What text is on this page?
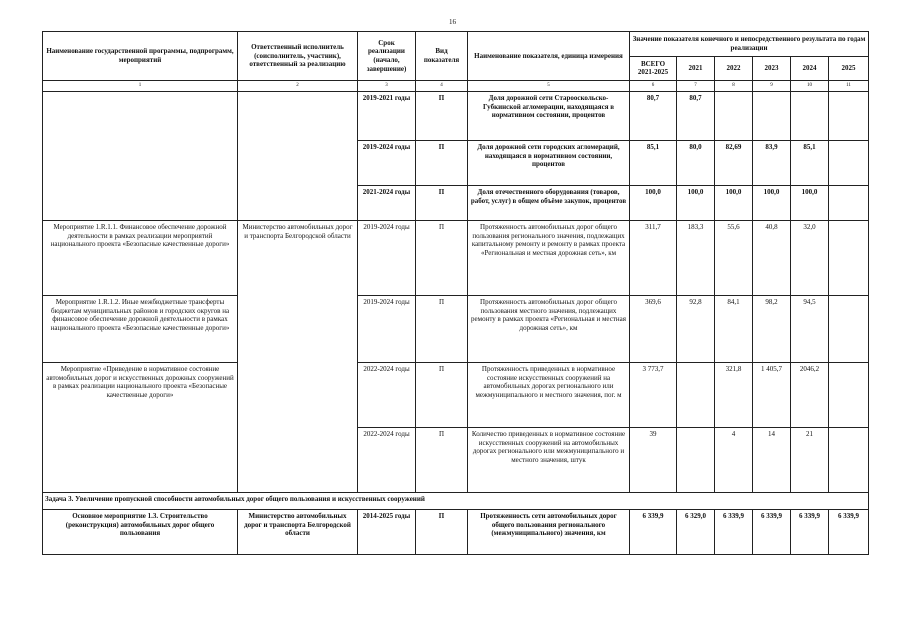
16
Наименование государственной программы, подпрограмм, мероприятий	Ответственный исполнитель (соисполнитель, участник), ответственный за реализацию	Срок реализации (начало, завершение)	Вид показателя	Наименование показателя, единица измерения	Значение показателя конечного и непосредственного результата по годам реализации					
					ВСЕГО 2021-2025	2021	2022	2023	2024	2025
1	2	3	4	5	6	7	8	9	10	11
		2019-2021 годы	П	Доля дорожной сети Старооскольско-Губкинской агломерации, находящаяся в нормативном состоянии, процентов	80,7	80,7				
		2019-2024 годы	П	Доля дорожной сети городских агломераций, находящаяся в нормативном состоянии, процентов	85,1	80,0	82,69	83,9	85,1	
		2021-2024 годы	П	Доля отечественного оборудования (товаров, работ, услуг) в общем объёме закупок, процентов	100,0	100,0	100,0	100,0	100,0	
Мероприятие 1.R.1.1. Финансовое обеспечение дорожной деятельности в рамках реализации мероприятий национального проекта «Безопасные качественные дороги»	Министерство автомобильных дорог и транспорта Белгородской области	2019-2024 годы	П	Протяженность автомобильных дорог общего пользования регионального значения, подлежащих капитальному ремонту и ремонту в рамках проекта «Региональная и местная дорожная сеть», км	311,7	183,3	55,6	40,8	32,0	
Мероприятие 1.R.1.2. Иные межбюджетные трансферты бюджетам муниципальных районов и городских округов на финансовое обеспечение дорожной деятельности в рамках национального проекта «Безопасные качественные дороги»		2019-2024 годы	П	Протяженность автомобильных дорог общего пользования местного значения, подлежащих ремонту в рамках проекта «Региональная и местная дорожная сеть», км	369,6	92,8	84,1	98,2	94,5	
Мероприятие «Приведение в нормативное состояние автомобильных дорог и искусственных дорожных сооружений в рамках реализации национального проекта «Безопасные качественные дороги»		2022-2024 годы	П	Протяженность приведенных в нормативное состояние искусственных сооружений на автомобильных дорогах регионального или межмуниципального и местного значения, пог. м	3 773,7		321,8	1 405,7	2046,2	
		2022-2024 годы	П	Количество приведенных в нормативное состояние искусственных сооружений на автомобильных дорогах регионального или межмуниципального и местного значения, штук	39		4	14	21	
Задача 3. Увеличение пропускной способности автомобильных дорог общего пользования и искусственных сооружений										
Основное мероприятие 1.3. Строительство (реконструкция) автомобильных дорог общего пользования	Министерство автомобильных дорог и транспорта Белгородской области	2014-2025 годы	П	Протяженность сети автомобильных дорог общего пользования регионального (межмуниципального) значения, км	6 339,9	6 329,0	6 339,9	6 339,9	6 339,9	6 339,9
